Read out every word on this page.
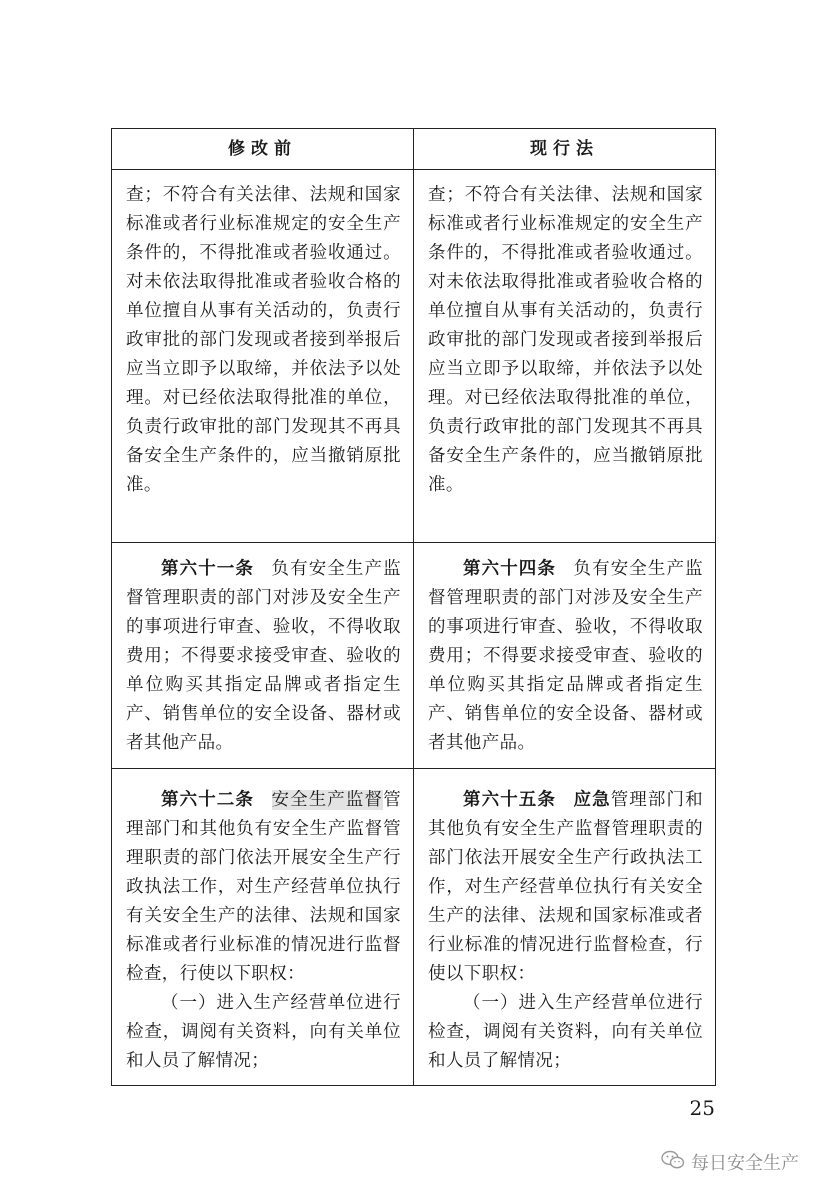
修改前	现行法

查；不符合有关法律、法规和国家标准或者行业标准规定的安全生产条件的，不得批准或者验收通过。对未依法取得批准或者验收合格的单位擅自从事有关活动的，负责行政审批的部门发现或者接到举报后应当立即予以取缔，并依法予以处理。对已经依法取得批准的单位，负责行政审批的部门发现其不再具备安全生产条件的，应当撤销原批准。

查；不符合有关法律、法规和国家标准或者行业标准规定的安全生产条件的，不得批准或者验收通过。对未依法取得批准或者验收合格的单位擅自从事有关活动的，负责行政审批的部门发现或者接到举报后应当立即予以取缔，并依法予以处理。对已经依法取得批准的单位，负责行政审批的部门发现其不再具备安全生产条件的，应当撤销原批准。

第六十一条 负有安全生产监督管理职责的部门对涉及安全生产的事项进行审查、验收，不得收取费用；不得要求接受审查、验收的单位购买其指定品牌或者指定生产、销售单位的安全设备、器材或者其他产品。

第六十四条 负有安全生产监督管理职责的部门对涉及安全生产的事项进行审查、验收，不得收取费用；不得要求接受审查、验收的单位购买其指定品牌或者指定生产、销售单位的安全设备、器材或者其他产品。

第六十二条 安全生产监督管理部门和其他负有安全生产监督管理职责的部门依法开展安全生产行政执法工作，对生产经营单位执行有关安全生产的法律、法规和国家标准或者行业标准的情况进行监督检查，行使以下职权：

（一）进入生产经营单位进行检查，调阅有关资料，向有关单位和人员了解情况；

第六十五条 应急管理部门和其他负有安全生产监督管理职责的部门依法开展安全生产行政执法工作，对生产经营单位执行有关安全生产的法律、法规和国家标准或者行业标准的情况进行监督检查，行使以下职权：

（一）进入生产经营单位进行检查，调阅有关资料，向有关单位和人员了解情况；

25
每日安全生产
